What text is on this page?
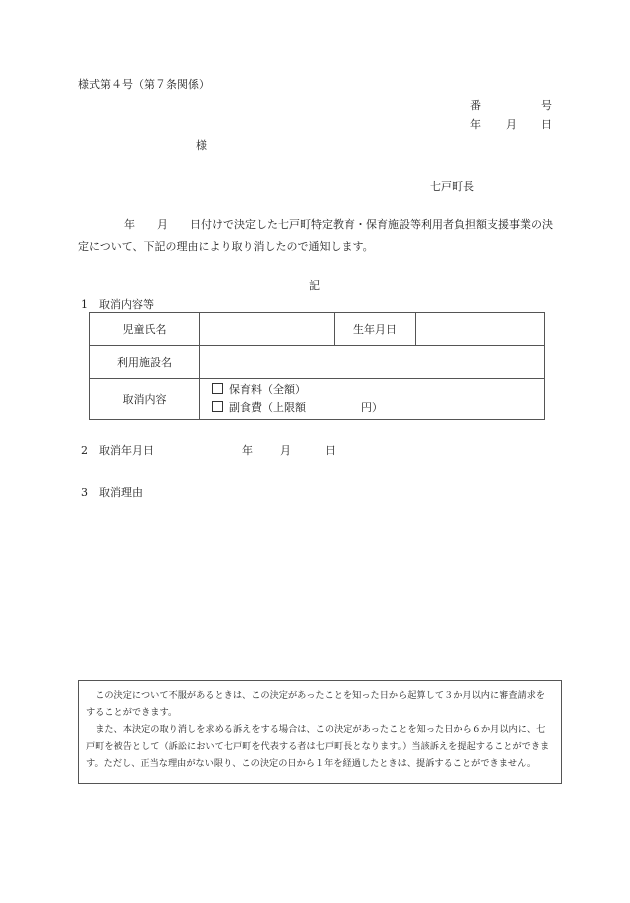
様式第４号（第７条関係）
番	号
年 月 日
様
七戸町長
年　　月　　日付けで決定した七戸町特定教育・保育施設等利用者負担額支援事業の決定について、下記の理由により取り消したので通知します。
記
1　取消内容等
児童氏名		生年月日	
利用施設名			
取消内容	保育料（全額）
副食費（上限額　　　　　円）		
2　取消年月日	年 月	日
3　取消理由

この決定について不服があるときは、この決定があったことを知った日から起算して３か月以内に審査請求をすることができます。

また、本決定の取り消しを求める訴えをする場合は、この決定があったことを知った日から６か月以内に、七戸町を被告として（訴訟において七戸町を代表する者は七戸町長となります。）当該訴えを提起することができます。ただし、正当な理由がない限り、この決定の日から１年を経過したときは、提訴することができません。
